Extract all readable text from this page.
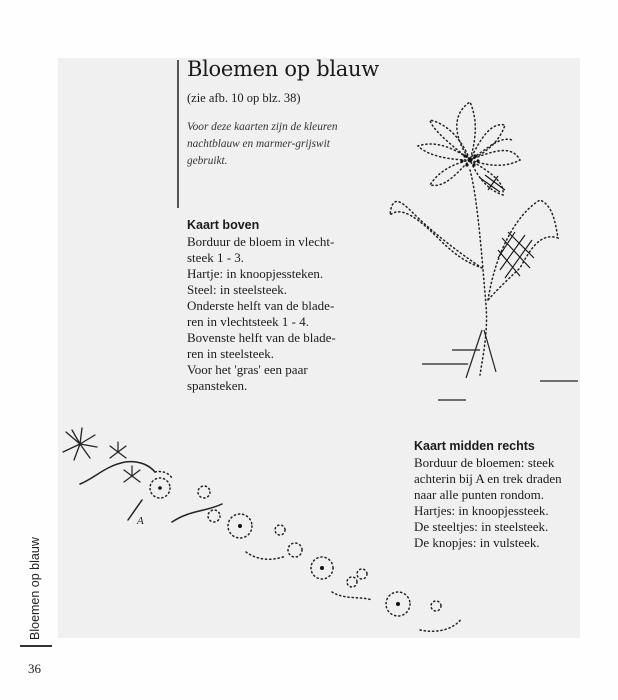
Bloemen op blauw
(zie afb. 10 op blz. 38)
Voor deze kaarten zijn de kleuren
nachtblauw en marmer-grijswit
gebruikt.
Kaart boven
Borduur de bloem in vlecht-
steek 1 - 3.
Hartje: in knoopjessteken.
Steel: in steelsteek.
Onderste helft van de blade-
ren in vlechtsteek 1 - 4.
Bovenste helft van de blade-
ren in steelsteek.
Voor het 'gras' een paar
spansteken.
Kaart midden rechts
Borduur de bloemen: steek
achterin bij A en trek draden
naar alle punten rondom.
Hartjes: in knoopjessteek.
De steeltjes: in steelsteek.
De knopjes: in vulsteek.
A
Bloemen op blauw
36
